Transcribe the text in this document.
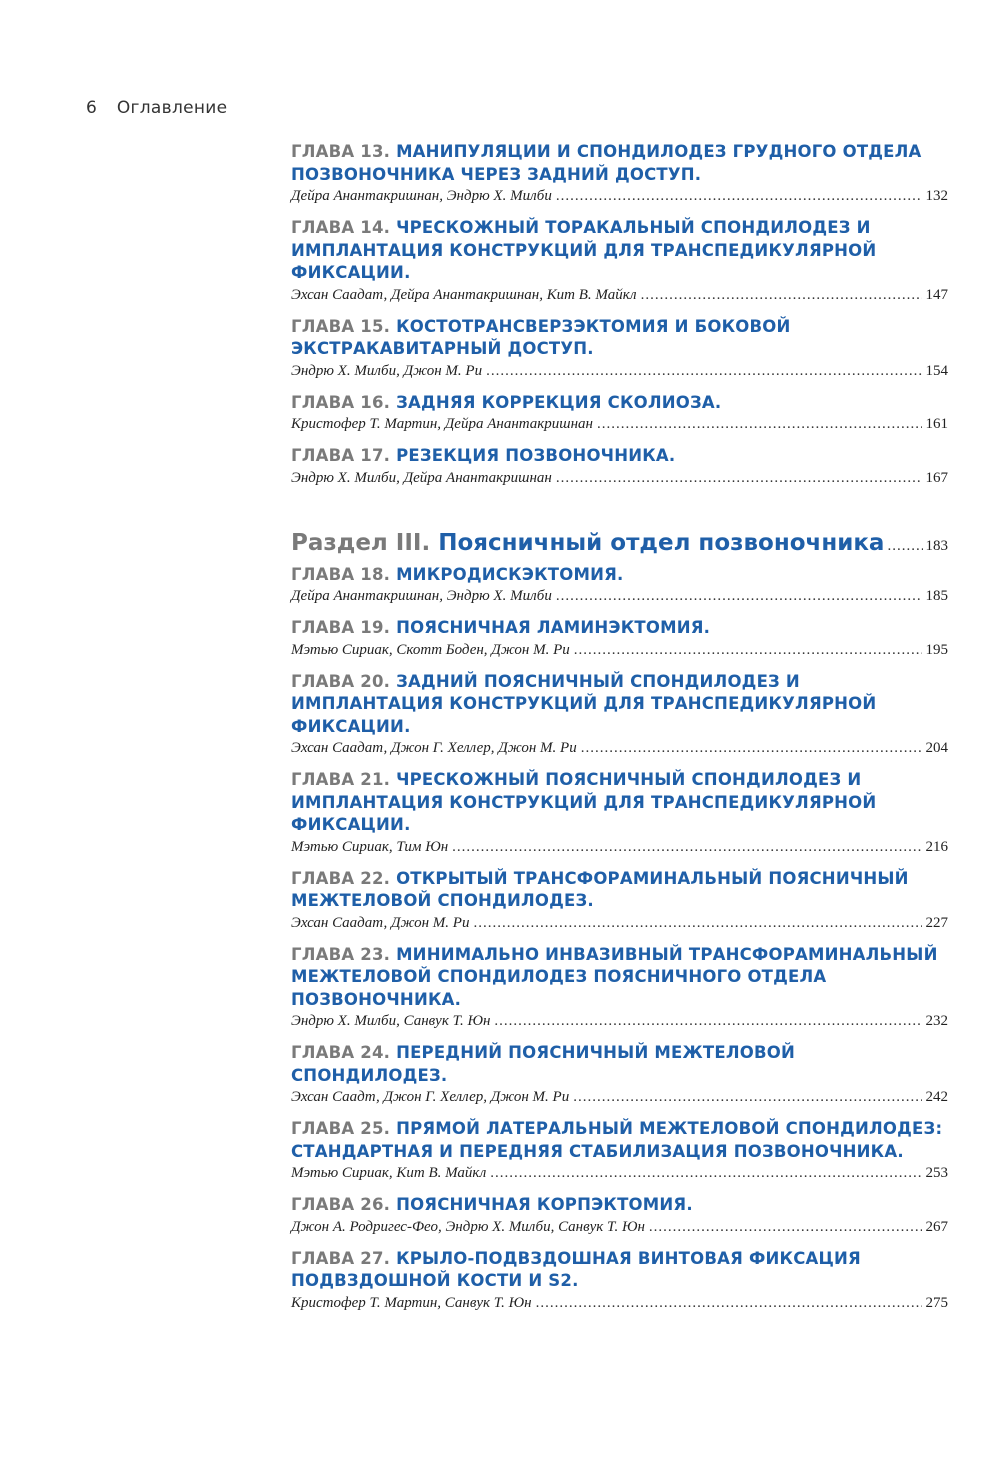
6 Оглавление
ГЛАВА 13. МАНИПУЛЯЦИИ И СПОНДИЛОДЕЗ ГРУДНОГО ОТДЕЛА ПОЗВОНОЧНИКА ЧЕРЕЗ ЗАДНИЙ ДОСТУП.
Дейра Анантакришнан, Эндрю Х. Милби .....	132
ГЛАВА 14. ЧРЕСКОЖНЫЙ ТОРАКАЛЬНЫЙ СПОНДИЛОДЕЗ И ИМПЛАНТАЦИЯ КОНСТРУКЦИЙ ДЛЯ ТРАНСПЕДИКУЛЯРНОЙ ФИКСАЦИИ.
Эхсан Саадат, Дейра Анантакришнан, Кит В. Майкл .....	147
ГЛАВА 15. КОСТОТРАНСВЕРЗЭКТОМИЯ И БОКОВОЙ ЭКСТРАКАВИТАРНЫЙ ДОСТУП.
Эндрю Х. Милби, Джон М. Ри .....	154
ГЛАВА 16. ЗАДНЯЯ КОРРЕКЦИЯ СКОЛИОЗА.
Кристофер Т. Мартин, Дейра Анантакришнан .....	161
ГЛАВА 17. РЕЗЕКЦИЯ ПОЗВОНОЧНИКА.
Эндрю Х. Милби, Дейра Анантакришнан .....	167
Раздел III. Поясничный отдел позвоночника .....	183
ГЛАВА 18. МИКРОДИСКЭКТОМИЯ.
Дейра Анантакришнан, Эндрю Х. Милби .....	185
ГЛАВА 19. ПОЯСНИЧНАЯ ЛАМИНЭКТОМИЯ.
Мэтью Сириак, Скотт Боден, Джон М. Ри .....	195
ГЛАВА 20. ЗАДНИЙ ПОЯСНИЧНЫЙ СПОНДИЛОДЕЗ И ИМПЛАНТАЦИЯ КОНСТРУКЦИЙ ДЛЯ ТРАНСПЕДИКУЛЯРНОЙ ФИКСАЦИИ.
Эхсан Саадат, Джон Г. Хеллер, Джон М. Ри .....	204
ГЛАВА 21. ЧРЕСКОЖНЫЙ ПОЯСНИЧНЫЙ СПОНДИЛОДЕЗ И ИМПЛАНТАЦИЯ КОНСТРУКЦИЙ ДЛЯ ТРАНСПЕДИКУЛЯРНОЙ ФИКСАЦИИ.
Мэтью Сириак, Тим Юн .....	216
ГЛАВА 22. ОТКРЫТЫЙ ТРАНСФОРАМИНАЛЬНЫЙ ПОЯСНИЧНЫЙ МЕЖТЕЛОВОЙ СПОНДИЛОДЕЗ.
Эхсан Саадат, Джон М. Ри .....	227
ГЛАВА 23. МИНИМАЛЬНО ИНВАЗИВНЫЙ ТРАНСФОРАМИНАЛЬНЫЙ МЕЖТЕЛОВОЙ СПОНДИЛОДЕЗ ПОЯСНИЧНОГО ОТДЕЛА ПОЗВОНОЧНИКА.
Эндрю Х. Милби, Санвук Т. Юн .....	232
ГЛАВА 24. ПЕРЕДНИЙ ПОЯСНИЧНЫЙ МЕЖТЕЛОВОЙ СПОНДИЛОДЕЗ.
Эхсан Саадт, Джон Г. Хеллер, Джон М. Ри .....	242
ГЛАВА 25. ПРЯМОЙ ЛАТЕРАЛЬНЫЙ МЕЖТЕЛОВОЙ СПОНДИЛОДЕЗ: СТАНДАРТНАЯ И ПЕРЕДНЯЯ СТАБИЛИЗАЦИЯ ПОЗВОНОЧНИКА.
Мэтью Сириак, Кит В. Майкл .....	253
ГЛАВА 26. ПОЯСНИЧНАЯ КОРПЭКТОМИЯ.
Джон А. Родригес-Фео, Эндрю Х. Милби, Санвук Т. Юн .....	267
ГЛАВА 27. КРЫЛО-ПОДВЗДОШНАЯ ВИНТОВАЯ ФИКСАЦИЯ ПОДВЗДОШНОЙ КОСТИ И S2.
Кристофер Т. Мартин, Санвук Т. Юн .....	275
